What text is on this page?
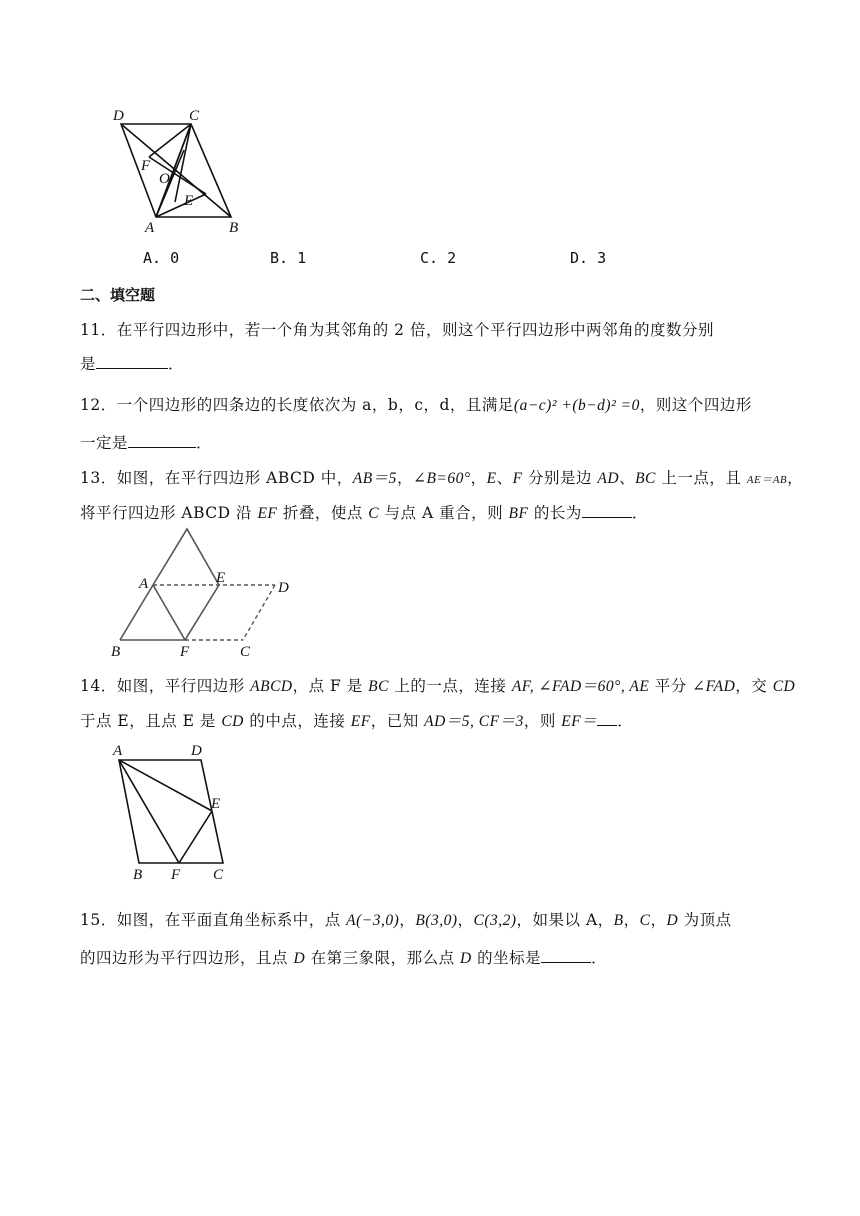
D	C
F
O
E
A	B
A. 0	B. 1	C. 2	D. 3
二、填空题
11．在平行四边形中，若一个角为其邻角的 2 倍，则这个平行四边形中两邻角的度数分别
是	．
12．一个四边形的四条边的长度依次为 a，b，c，d，且满足(a−c)² +(b−d)² =0，则这个四边形
一定是	．
13．如图，在平行四边形 ABCD 中，AB＝5，∠B=60°，E、F 分别是边 AD、BC 上一点，且 AE＝AB，
将平行四边形 ABCD 沿 EF 折叠，使点 C 与点 A 重合，则 BF 的长为	．
A	E
D
B	F	C
14．如图，平行四边形 ABCD，点 F 是 BC 上的一点，连接 AF, ∠FAD＝60°, AE 平分 ∠FAD，交 CD
于点 E，且点 E 是 CD 的中点，连接 EF，已知 AD＝5, CF＝3，则 EF＝ ．
A	D
E
B F C
15．如图，在平面直角坐标系中，点 A(−3,0)，B(3,0)，C(3,2)，如果以 A，B，C，D 为顶点
的四边形为平行四边形，且点 D 在第三象限，那么点 D 的坐标是	．
